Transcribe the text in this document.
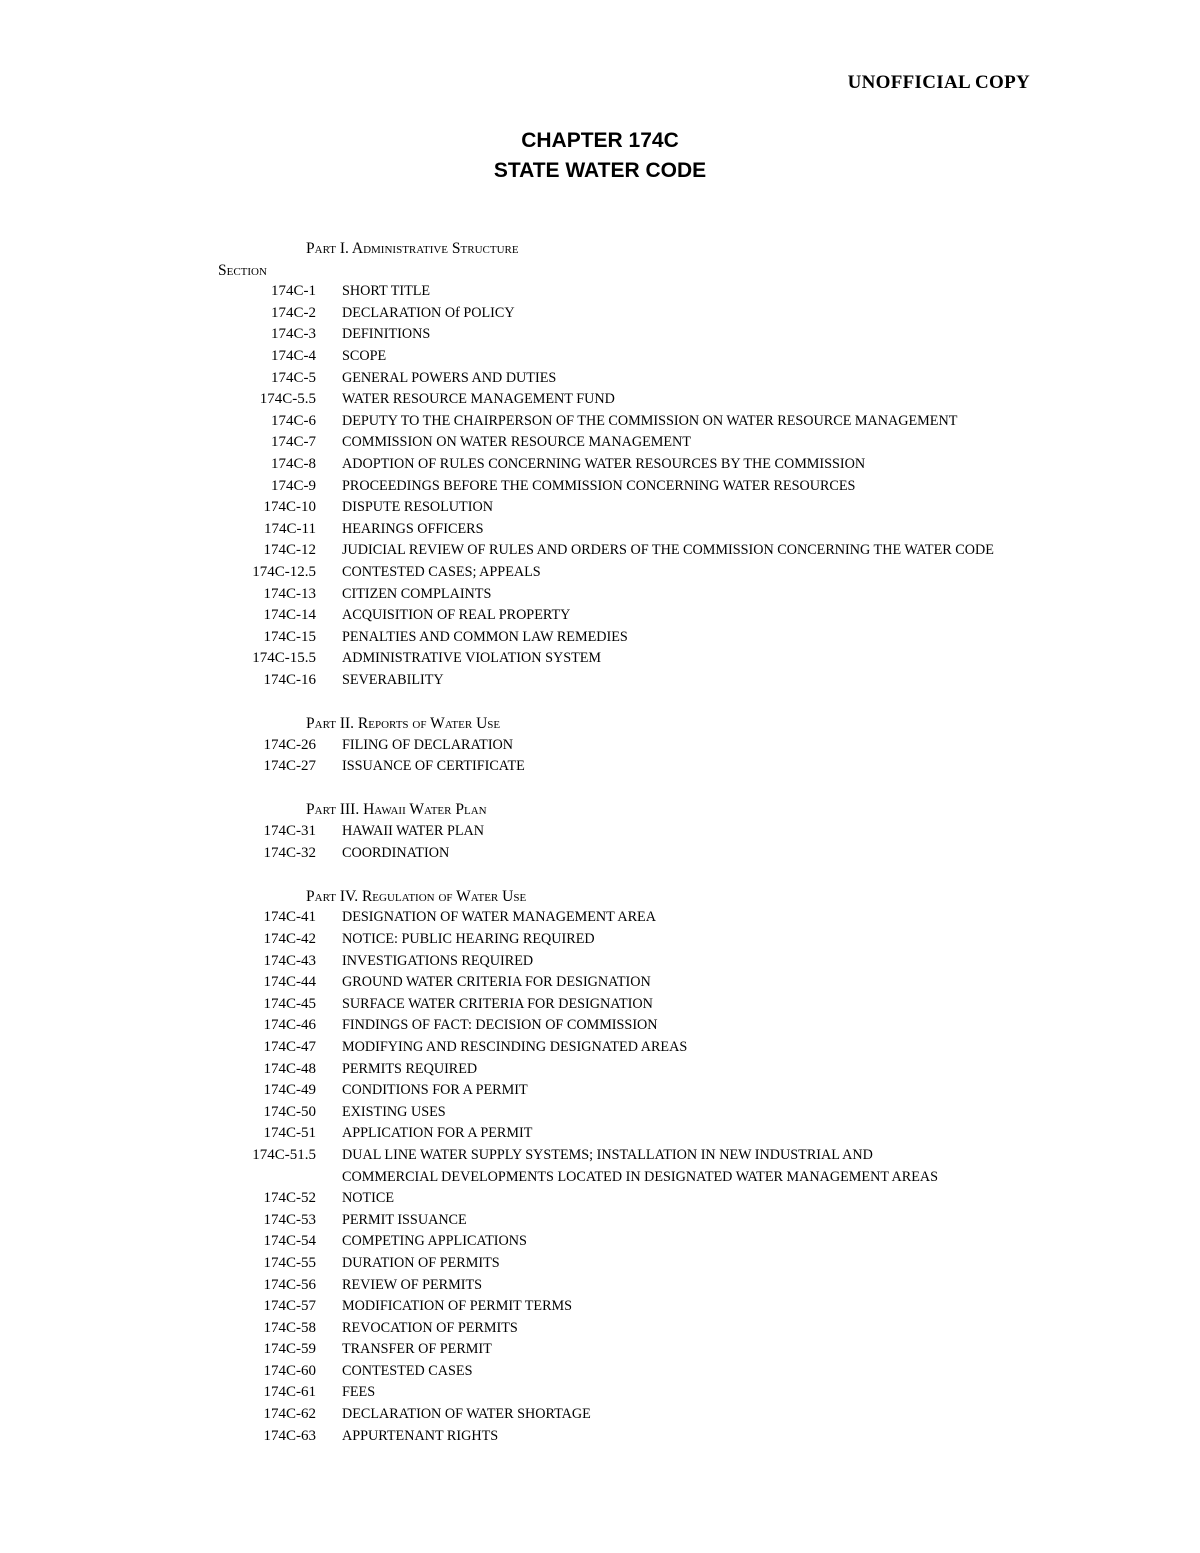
UNOFFICIAL COPY
CHAPTER 174C
STATE WATER CODE
Part I. Administrative Structure
Section
174C-1 SHORT TITLE
174C-2 DECLARATION Of POLICY
174C-3 DEFINITIONS
174C-4 SCOPE
174C-5 GENERAL POWERS AND DUTIES
174C-5.5 WATER RESOURCE MANAGEMENT FUND
174C-6 DEPUTY TO THE CHAIRPERSON OF THE COMMISSION ON WATER RESOURCE MANAGEMENT
174C-7 COMMISSION ON WATER RESOURCE MANAGEMENT
174C-8 ADOPTION OF RULES CONCERNING WATER RESOURCES BY THE COMMISSION
174C-9 PROCEEDINGS BEFORE THE COMMISSION CONCERNING WATER RESOURCES
174C-10 DISPUTE RESOLUTION
174C-11 HEARINGS OFFICERS
174C-12 JUDICIAL REVIEW OF RULES AND ORDERS OF THE COMMISSION CONCERNING THE WATER CODE
174C-12.5 CONTESTED CASES; APPEALS
174C-13 CITIZEN COMPLAINTS
174C-14 ACQUISITION OF REAL PROPERTY
174C-15 PENALTIES AND COMMON LAW REMEDIES
174C-15.5 ADMINISTRATIVE VIOLATION SYSTEM
174C-16 SEVERABILITY
Part II. Reports of Water Use
174C-26 FILING OF DECLARATION
174C-27 ISSUANCE OF CERTIFICATE
Part III. Hawaii Water Plan
174C-31 HAWAII WATER PLAN
174C-32 COORDINATION
Part IV. Regulation of Water Use
174C-41 DESIGNATION OF WATER MANAGEMENT AREA
174C-42 NOTICE: PUBLIC HEARING REQUIRED
174C-43 INVESTIGATIONS REQUIRED
174C-44 GROUND WATER CRITERIA FOR DESIGNATION
174C-45 SURFACE WATER CRITERIA FOR DESIGNATION
174C-46 FINDINGS OF FACT: DECISION OF COMMISSION
174C-47 MODIFYING AND RESCINDING DESIGNATED AREAS
174C-48 PERMITS REQUIRED
174C-49 CONDITIONS FOR A PERMIT
174C-50 EXISTING USES
174C-51 APPLICATION FOR A PERMIT
174C-51.5 DUAL LINE WATER SUPPLY SYSTEMS; INSTALLATION IN NEW INDUSTRIAL AND
COMMERCIAL DEVELOPMENTS LOCATED IN DESIGNATED WATER MANAGEMENT AREAS
174C-52 NOTICE
174C-53 PERMIT ISSUANCE
174C-54 COMPETING APPLICATIONS
174C-55 DURATION OF PERMITS
174C-56 REVIEW OF PERMITS
174C-57 MODIFICATION OF PERMIT TERMS
174C-58 REVOCATION OF PERMITS
174C-59 TRANSFER OF PERMIT
174C-60 CONTESTED CASES
174C-61 FEES
174C-62 DECLARATION OF WATER SHORTAGE
174C-63 APPURTENANT RIGHTS
